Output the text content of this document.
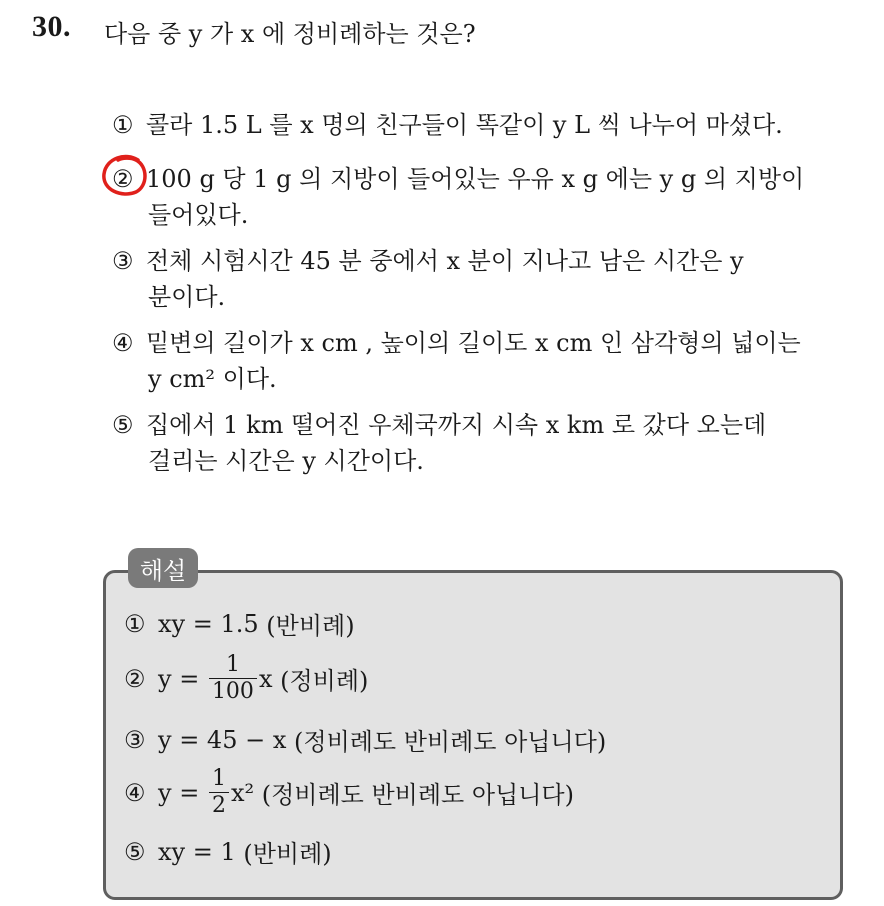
30. 다음 중 y 가 x 에 정비례하는 것은?
① 콜라 1.5 L 를 x 명의 친구들이 똑같이 y L 씩 나누어 마셨다.
② 100 g 당 1 g 의 지방이 들어있는 우유 x g 에는 y g 의 지방이
들어있다.
③ 전체 시험시간 45 분 중에서 x 분이 지나고 남은 시간은 y
분이다.
④ 밑변의 길이가 x cm , 높이의 길이도 x cm 인 삼각형의 넓이는
y cm² 이다.
⑤ 집에서 1 km 떨어진 우체국까지 시속 x km 로 갔다 오는데
걸리는 시간은 y 시간이다.
해설
① xy = 1.5
(반비례)
② y =
$\frac{1}{100}$ x
(정비례)
③ y = 45 − x
(정비례도 반비례도 아닙니다)
④ y =
$\frac{1}{2} x^2$
(정비례도 반비례도 아닙니다)
⑤ xy = 1
(반비례)
